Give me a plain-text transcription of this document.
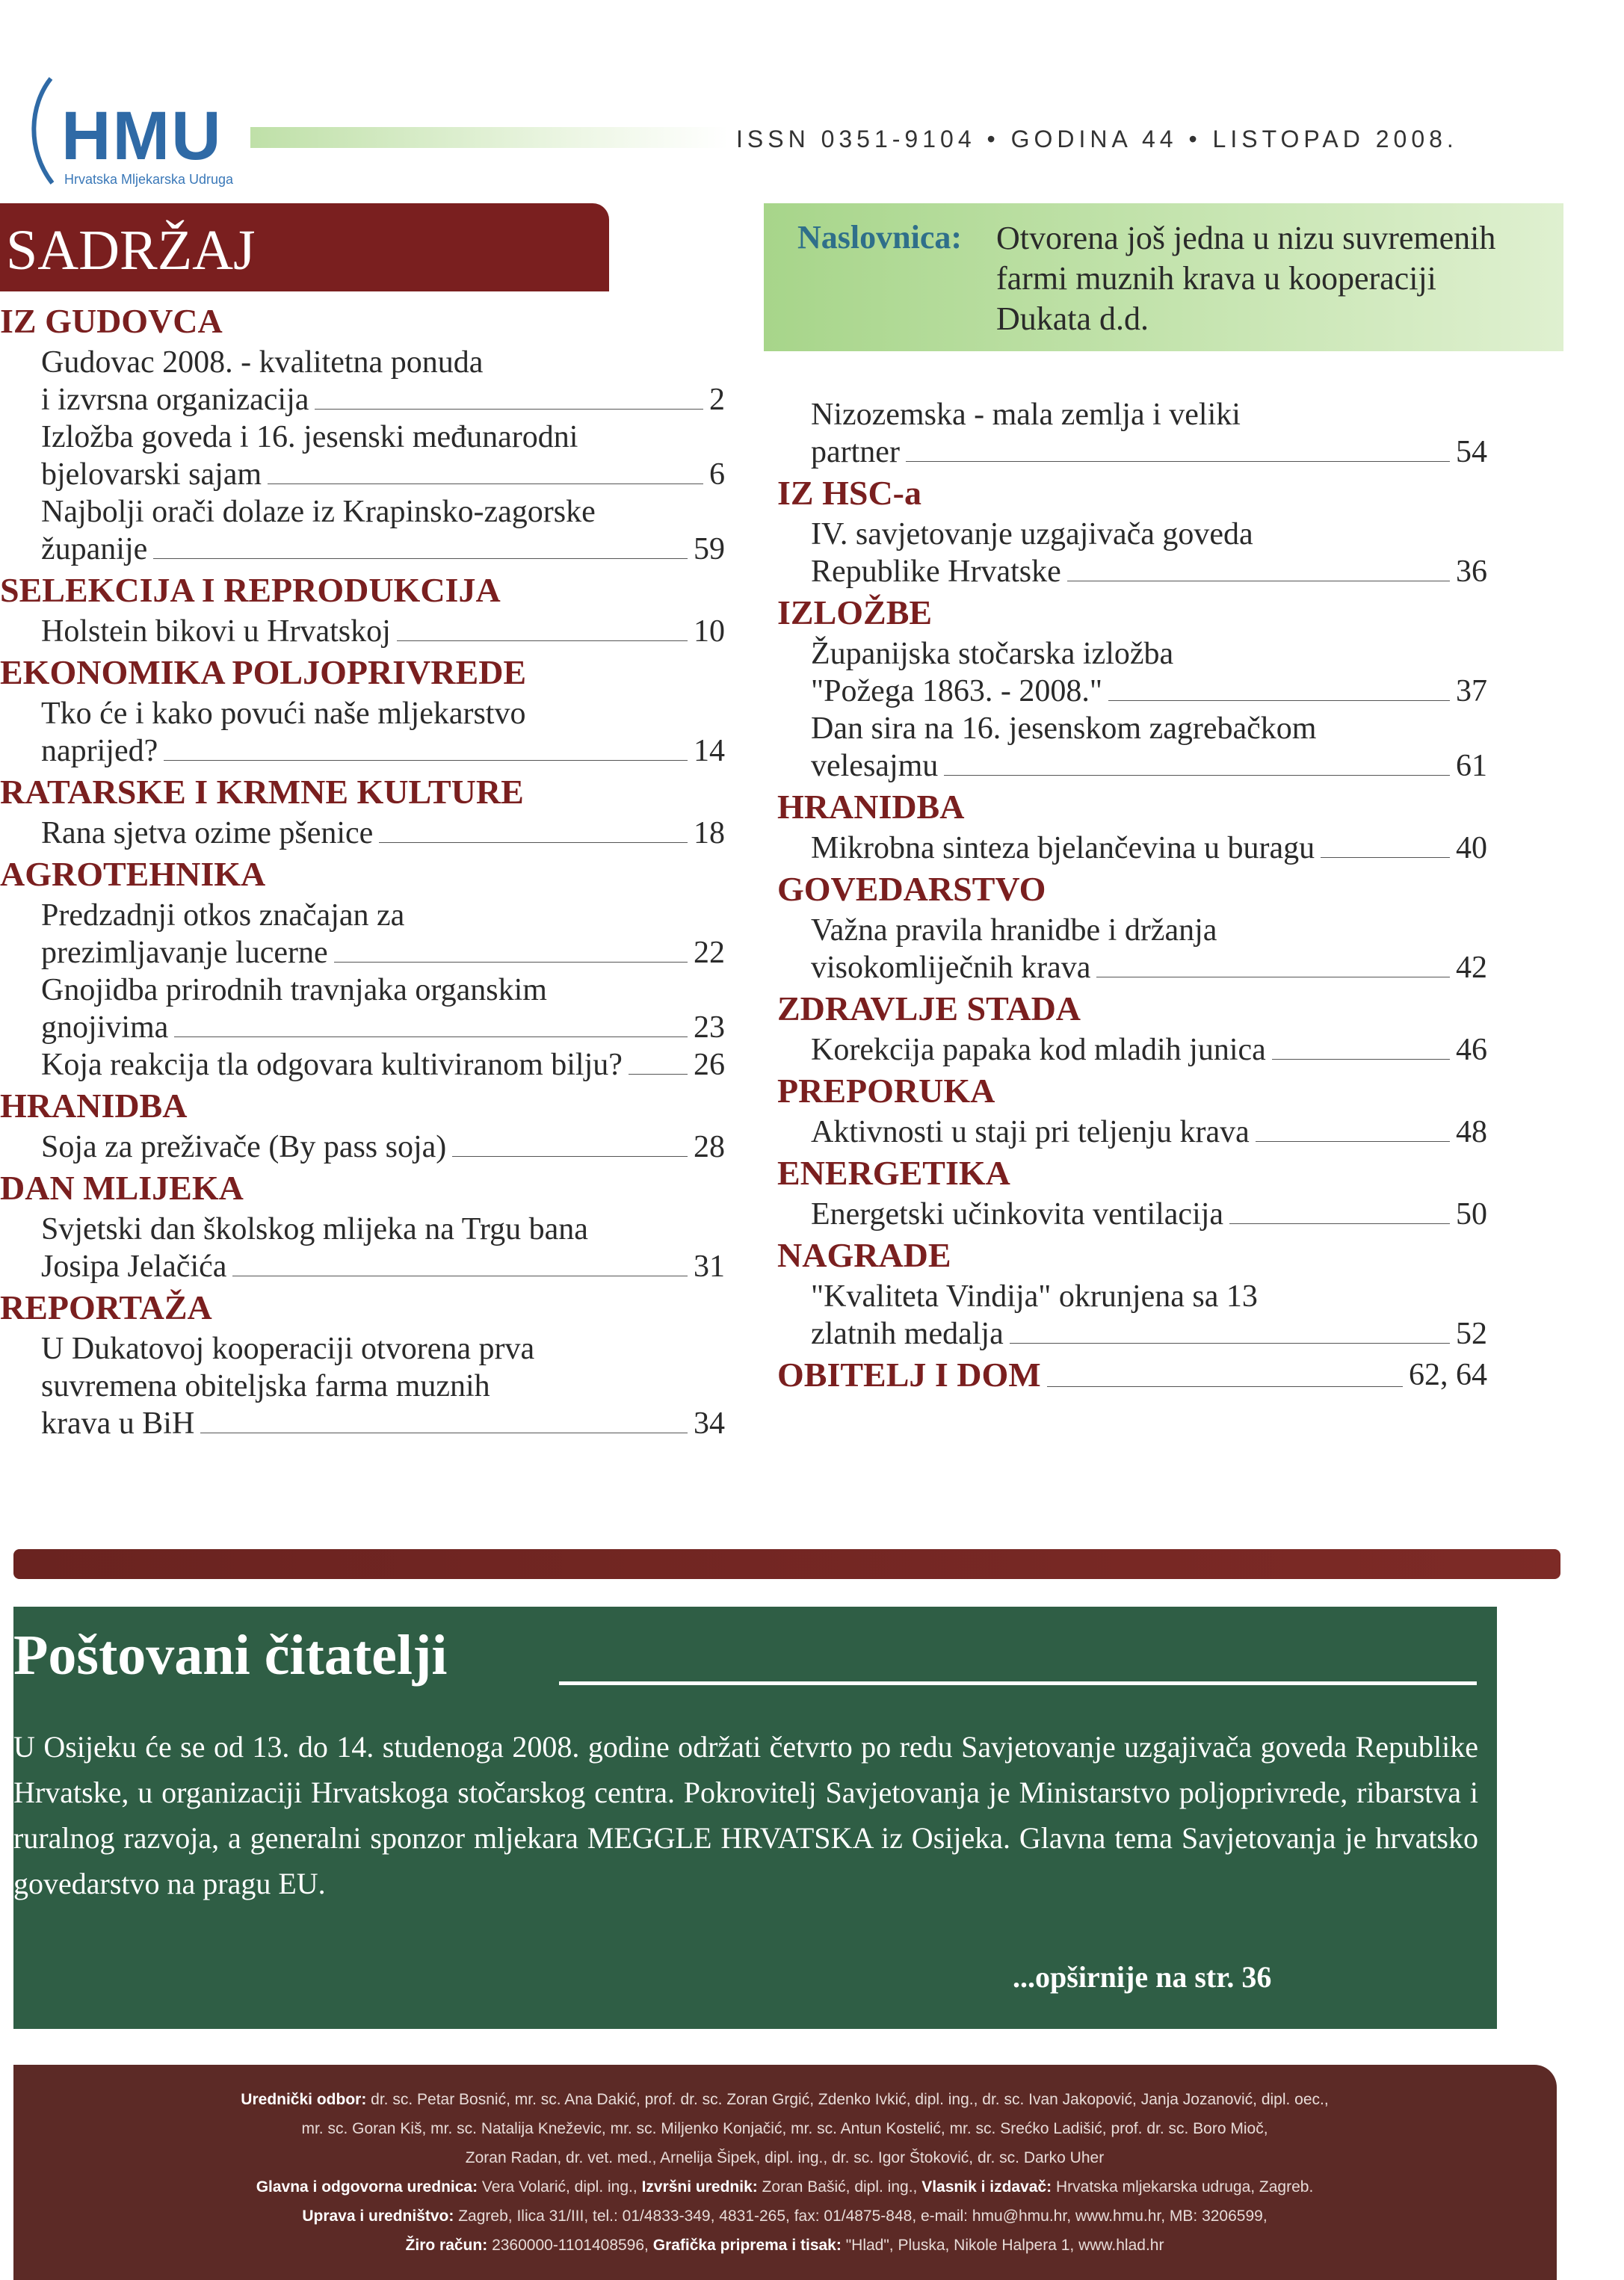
HMU
Hrvatska Mljekarska Udruga
ISSN 0351-9104 • GODINA 44 • LISTOPAD 2008.
SADRŽAJ	Naslovnica: Otvorena još jedna u nizu suvremenih farmi muznih krava u kooperaciji Dukata d.d.
IZ GUDOVCA
Gudovac 2008. - kvalitetna ponuda
i izvrsna organizacija	2
Izložba goveda i 16. jesenski međunarodni
bjelovarski sajam	6
Najbolji orači dolaze iz Krapinsko-zagorske
županije	59
SELEKCIJA I REPRODUKCIJA
Holstein bikovi u Hrvatskoj	10
EKONOMIKA POLJOPRIVREDE
Tko će i kako povući naše mljekarstvo
naprijed?	14
RATARSKE I KRMNE KULTURE
Rana sjetva ozime pšenice	18
AGROTEHNIKA
Predzadnji otkos značajan za
prezimljavanje lucerne	22
Gnojidba prirodnih travnjaka organskim
gnojivima	23
Koja reakcija tla odgovara kultiviranom bilju? 26
HRANIDBA
Soja za preživače (By pass soja)	28
DAN MLIJEKA
Svjetski dan školskog mlijeka na Trgu bana
Josipa Jelačića	31
REPORTAŽA
U Dukatovoj kooperaciji otvorena prva
suvremena obiteljska farma muznih
krava u BiH	34
Nizozemska - mala zemlja i veliki
partner	54
IZ HSC-a
IV. savjetovanje uzgajivača goveda
Republike Hrvatske	36
IZLOŽBE
Županijska stočarska izložba
"Požega 1863. - 2008."	37
Dan sira na 16. jesenskom zagrebačkom
velesajmu	61
HRANIDBA
Mikrobna sinteza bjelančevina u buragu	40
GOVEDARSTVO
Važna pravila hranidbe i držanja
visokomliječnih krava	42
ZDRAVLJE STADA
Korekcija papaka kod mladih junica	46
PREPORUKA
Aktivnosti u staji pri teljenju krava	48
ENERGETIKA
Energetski učinkovita ventilacija	50
NAGRADE
"Kvaliteta Vindija" okrunjena sa 13
zlatnih medalja	52
OBITELJ I DOM	62, 64
Poštovani čitatelji
U Osijeku će se od 13. do 14. studenoga 2008. godine održati četvrto po redu Savjetovanje uzgajivača goveda Republike Hrvatske, u organizaciji Hrvatskoga stočarskog centra. Pokrovitelj Savjetovanja je Ministarstvo poljoprivrede, ribarstva i ruralnog razvoja, a generalni sponzor mljekara MEGGLE HRVATSKA iz Osijeka. Glavna tema Savjetovanja je hrvatsko govedarstvo na pragu EU.
...opširnije na str. 36
Urednički odbor: dr. sc. Petar Bosnić, mr. sc. Ana Dakić, prof. dr. sc. Zoran Grgić, Zdenko Ivkić, dipl. ing., dr. sc. Ivan Jakopović, Janja Jozanović, dipl. oec.,
mr. sc. Goran Kiš, mr. sc. Natalija Kneževic, mr. sc. Miljenko Konjačić, mr. sc. Antun Kostelić, mr. sc. Srećko Ladišić, prof. dr. sc. Boro Mioč,
Zoran Radan, dr. vet. med., Arnelija Šipek, dipl. ing., dr. sc. Igor Štoković, dr. sc. Darko Uher
Glavna i odgovorna urednica: Vera Volarić, dipl. ing., Izvršni urednik: Zoran Bašić, dipl. ing., Vlasnik i izdavač: Hrvatska mljekarska udruga, Zagreb.
Uprava i uredništvo: Zagreb, Ilica 31/III, tel.: 01/4833-349, 4831-265, fax: 01/4875-848, e-mail: hmu@hmu.hr, www.hmu.hr, MB: 3206599,
Žiro račun: 2360000-1101408596, Grafička priprema i tisak: "Hlad", Pluska, Nikole Halpera 1, www.hlad.hr
